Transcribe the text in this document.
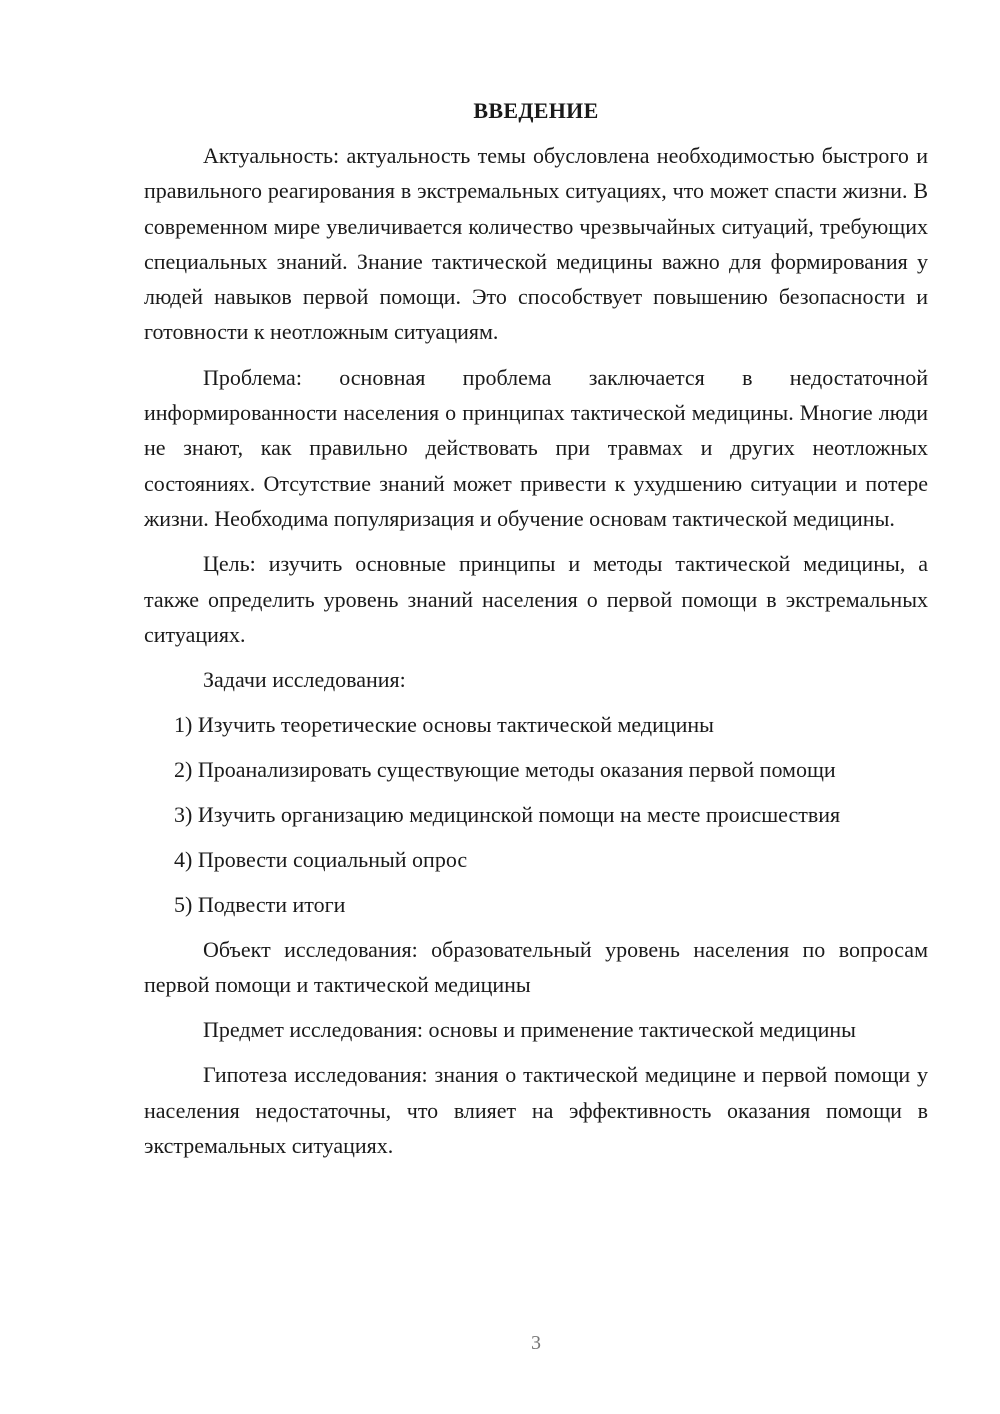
ВВЕДЕНИЕ

Актуальность: актуальность темы обусловлена необходимостью быстрого и правильного реагирования в экстремальных ситуациях, что может спасти жизни. В современном мире увеличивается количество чрезвычайных ситуаций, требующих специальных знаний. Знание тактической медицины важно для формирования у людей навыков первой помощи. Это способствует повышению безопасности и готовности к неотложным ситуациям.

Проблема: основная проблема заключается в недостаточной информированности населения о принципах тактической медицины. Многие люди не знают, как правильно действовать при травмах и других неотложных состояниях. Отсутствие знаний может привести к ухудшению ситуации и потере жизни. Необходима популяризация и обучение основам тактической медицины.

Цель: изучить основные принципы и методы тактической медицины, а также определить уровень знаний населения о первой помощи в экстремальных ситуациях.

Задачи исследования:
1) Изучить теоретические основы тактической медицины
2) Проанализировать существующие методы оказания первой помощи
3) Изучить организацию медицинской помощи на месте происшествия
4) Провести социальный опрос
5) Подвести итоги

Объект исследования: образовательный уровень населения по вопросам первой помощи и тактической медицины

Предмет исследования: основы и применение тактической медицины

Гипотеза исследования: знания о тактической медицине и первой помощи у населения недостаточны, что влияет на эффективность оказания помощи в экстремальных ситуациях.

3
